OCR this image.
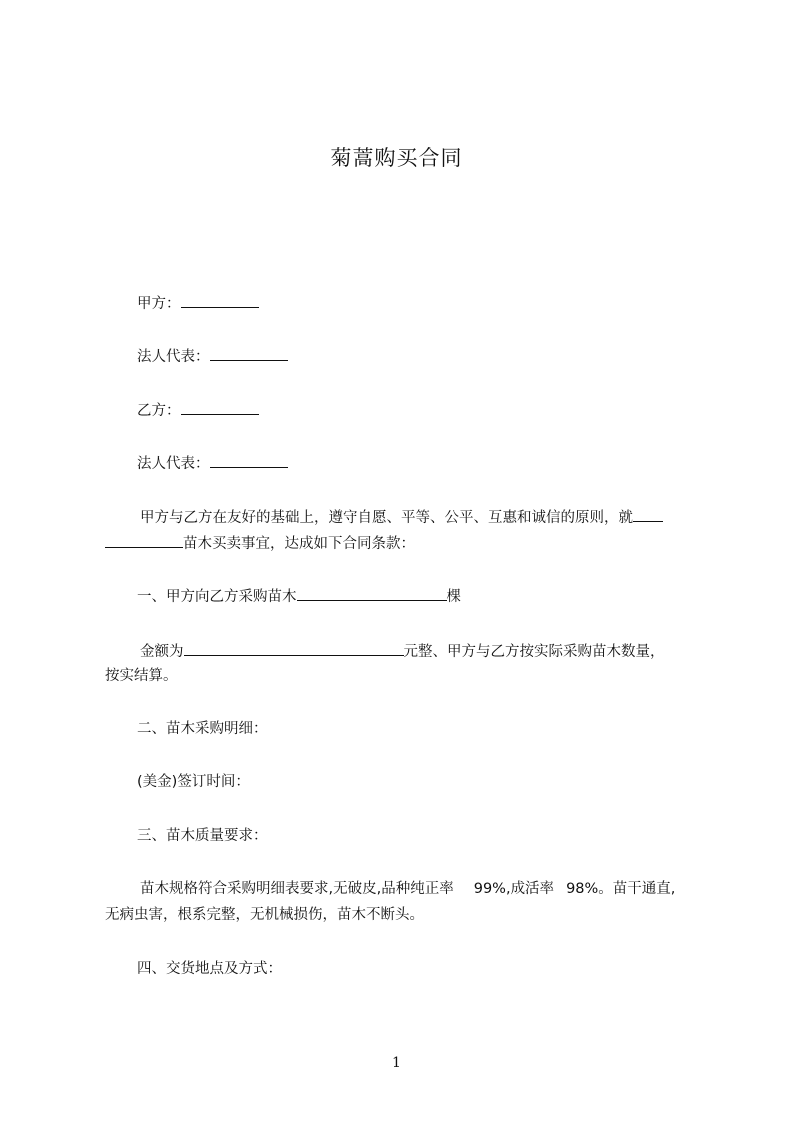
菊蒿购买合同
甲方：
法人代表：
乙方：
法人代表：
甲方与乙方在友好的基础上，遵守自愿、平等、公平、互惠和诚信的原则，就
苗木买卖事宜，达成如下合同条款：
一、甲方向乙方采购苗木	棵
金额为	元整、甲方与乙方按实际采购苗木数量，
按实结算。
二、苗木采购明细：
(美金)签订时间：
三、苗木质量要求：
苗木规格符合采购明细表要求,无破皮,品种纯正率 99%,成活率 98%。苗干通直,
无病虫害，根系完整，无机械损伤，苗木不断头。
四、交货地点及方式：
1
